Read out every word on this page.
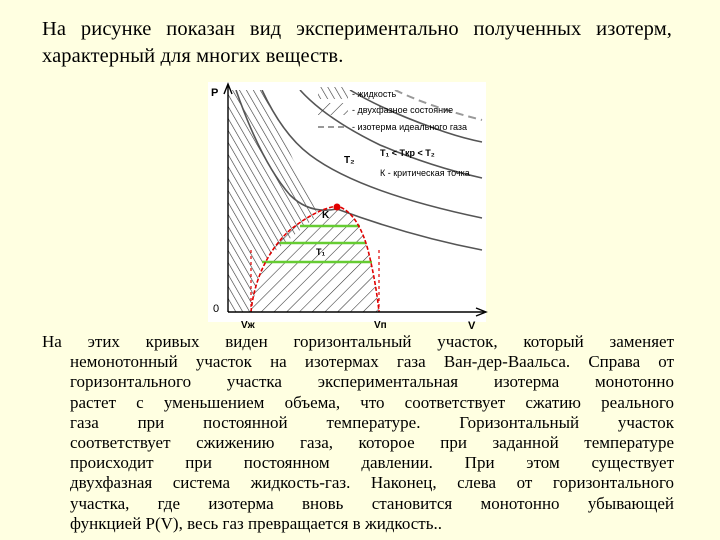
На рисунке показан вид экспериментально полученных изотерм, характерный для многих веществ.
P
V
0
Vж	Vп
T₂
K
T₁
- жидкость
- двухфазное состояние
- изотерма идеального газа
T₁ < Tкр < T₂
К - критическая точка
На этих кривых виден горизонтальный участок, который заменяет
немонотонный участок на изотермах газа Ван-дер-Ваальса. Справа от
горизонтального участка экспериментальная изотерма монотонно
растет с уменьшением объема, что соответствует сжатию реального
газа при постоянной температуре. Горизонтальный участок
соответствует сжижению газа, которое при заданной температуре
происходит при постоянном давлении. При этом существует
двухфазная система жидкость-газ. Наконец, слева от горизонтального
участка, где изотерма вновь становится монотонно убывающей
функцией P(V), весь газ превращается в жидкость..
